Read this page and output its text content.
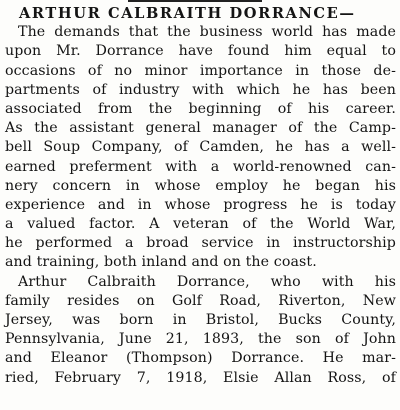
ARTHUR CALBRAITH DORRANCE—
The demands that the business world has made
upon Mr. Dorrance have found him equal to
occasions of no minor importance in those de-
partments of industry with which he has been
associated from the beginning of his career.
As the assistant general manager of the Camp-
bell Soup Company, of Camden, he has a well-
earned preferment with a world-renowned can-
nery concern in whose employ he began his
experience and in whose progress he is today
a valued factor. A veteran of the World War,
he performed a broad service in instructorship
and training, both inland and on the coast.
Arthur Calbraith Dorrance, who with his
family resides on Golf Road, Riverton, New
Jersey, was born in Bristol, Bucks County,
Pennsylvania, June 21, 1893, the son of John
and Eleanor (Thompson) Dorrance. He mar-
ried, February 7, 1918, Elsie Allan Ross, of
